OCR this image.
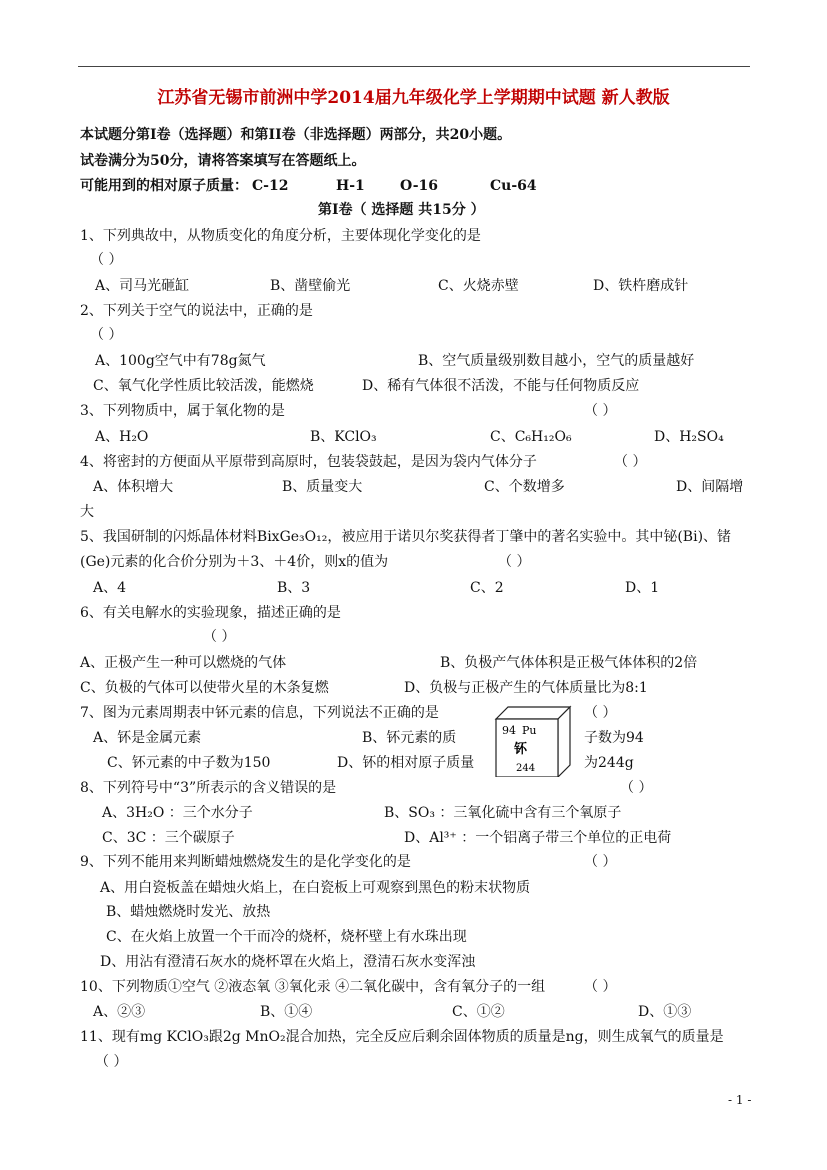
江苏省无锡市前洲中学2014届九年级化学上学期期中试题 新人教版
本试题分第Ⅰ卷（选择题）和第II卷（非选择题）两部分，共20小题。
试卷满分为50分，请将答案填写在答题纸上。
可能用到的相对原子质量： C-12	H-1	O-16	Cu-64
第Ⅰ卷（ 选择题 共15分 ）
1、下列典故中，从物质变化的角度分析，主要体现化学变化的是
（ ）
A、司马光砸缸	B、凿壁偷光	C、火烧赤壁	D、铁杵磨成针
2、下列关于空气的说法中，正确的是
（ ）
A、100g空气中有78g氮气	B、空气质量级别数目越小，空气的质量越好
C、氧气化学性质比较活泼，能燃烧	D、稀有气体很不活泼，不能与任何物质反应
3、下列物质中，属于氧化物的是	（ ）
A、H₂O	B、KClO₃	C、C₆H₁₂O₆	D、H₂SO₄
4、将密封的方便面从平原带到高原时，包装袋鼓起，是因为袋内气体分子	（ ）
A、体积增大	B、质量变大	C、个数增多	D、间隔增
大
5、我国研制的闪烁晶体材料BixGe₃O₁₂，被应用于诺贝尔奖获得者丁肇中的著名实验中。其中铋(Bi)、锗
(Ge)元素的化合价分别为＋3、＋4价，则x的值为	（ ）
A、4	B、3	C、2	D、1
6、有关电解水的实验现象，描述正确的是
（ ）
A、正极产生一种可以燃烧的气体	B、负极产气体体积是正极气体体积的2倍
C、负极的气体可以使带火星的木条复燃	D、负极与正极产生的气体质量比为8:1
7、图为元素周期表中钚元素的信息，下列说法不正确的是	（ ）
A、钚是金属元素	B、钚元素的质	子数为94
C、钚元素的中子数为150	D、钚的相对原子质量	为244g
94 Pu
钚
244
8、下列符号中“3”所表示的含义错误的是	（ ）
A、3H₂O ：三个水分子	B、SO₃ ：三氧化硫中含有三个氧原子
C、3C ：三个碳原子	D、Al³⁺ ：一个铝离子带三个单位的正电荷
9、下列不能用来判断蜡烛燃烧发生的是化学变化的是	（ ）
A、用白瓷板盖在蜡烛火焰上，在白瓷板上可观察到黑色的粉末状物质
B、蜡烛燃烧时发光、放热
C、在火焰上放置一个干而冷的烧杯，烧杯壁上有水珠出现
D、用沾有澄清石灰水的烧杯罩在火焰上，澄清石灰水变浑浊
10、下列物质①空气 ②液态氧 ③氧化汞 ④二氧化碳中，含有氧分子的一组	（ ）
A、②③	B、①④	C、①②	D、①③
11、现有mg KClO₃跟2g MnO₂混合加热，完全反应后剩余固体物质的质量是ng，则生成氧气的质量是
（ ）
- 1 -
